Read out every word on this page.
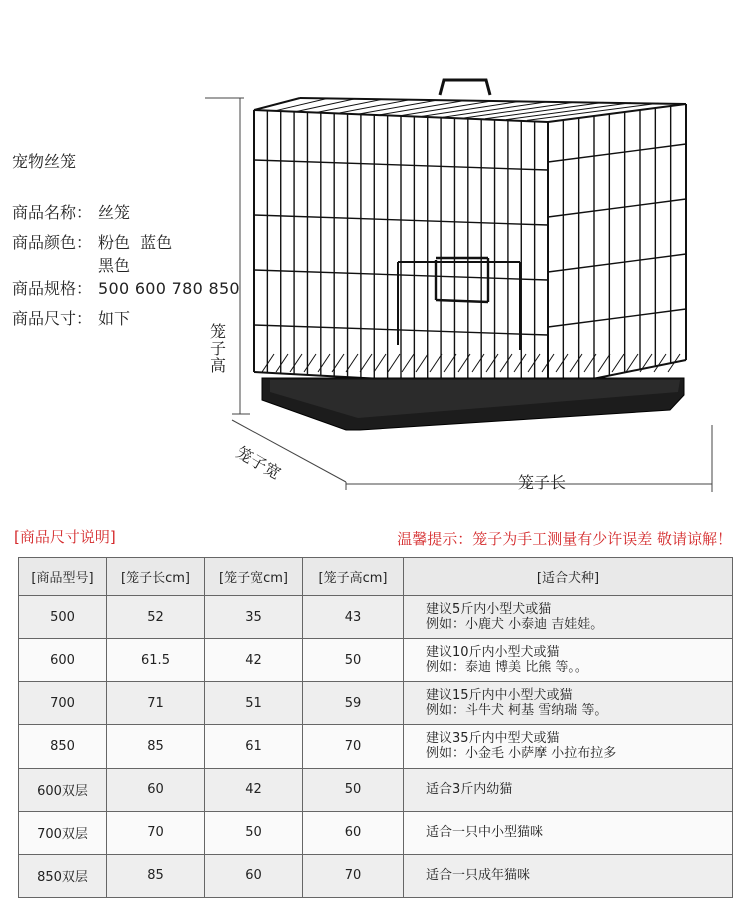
宠物丝笼
商品名称： 丝笼
商品颜色： 粉色  蓝色
黑色
商品规格： 500 600 780 850
商品尺寸： 如下
笼子高
笼子宽	笼子长
[商品尺寸说明]	温馨提示：笼子为手工测量有少许误差 敬请谅解！
[商品型号]	[笼子长cm]	[笼子宽cm]	[笼子高cm]	[适合犬种]
500	52	35	43	建议5斤内小型犬或猫
例如：小鹿犬 小泰迪 吉娃娃。

600	61.5	42	50	建议10斤内小型犬或猫
例如：泰迪 博美 比熊 等。。

700	71	51	59	建议15斤内中小型犬或猫
例如：斗牛犬 柯基 雪纳瑞 等。

850	85	61	70	建议35斤内中型犬或猫
例如：小金毛 小萨摩 小拉布拉多

600双层	60	42	50	适合3斤内幼猫
700双层	70	50	60	适合一只中小型猫咪
850双层	85	60	70	适合一只成年猫咪
